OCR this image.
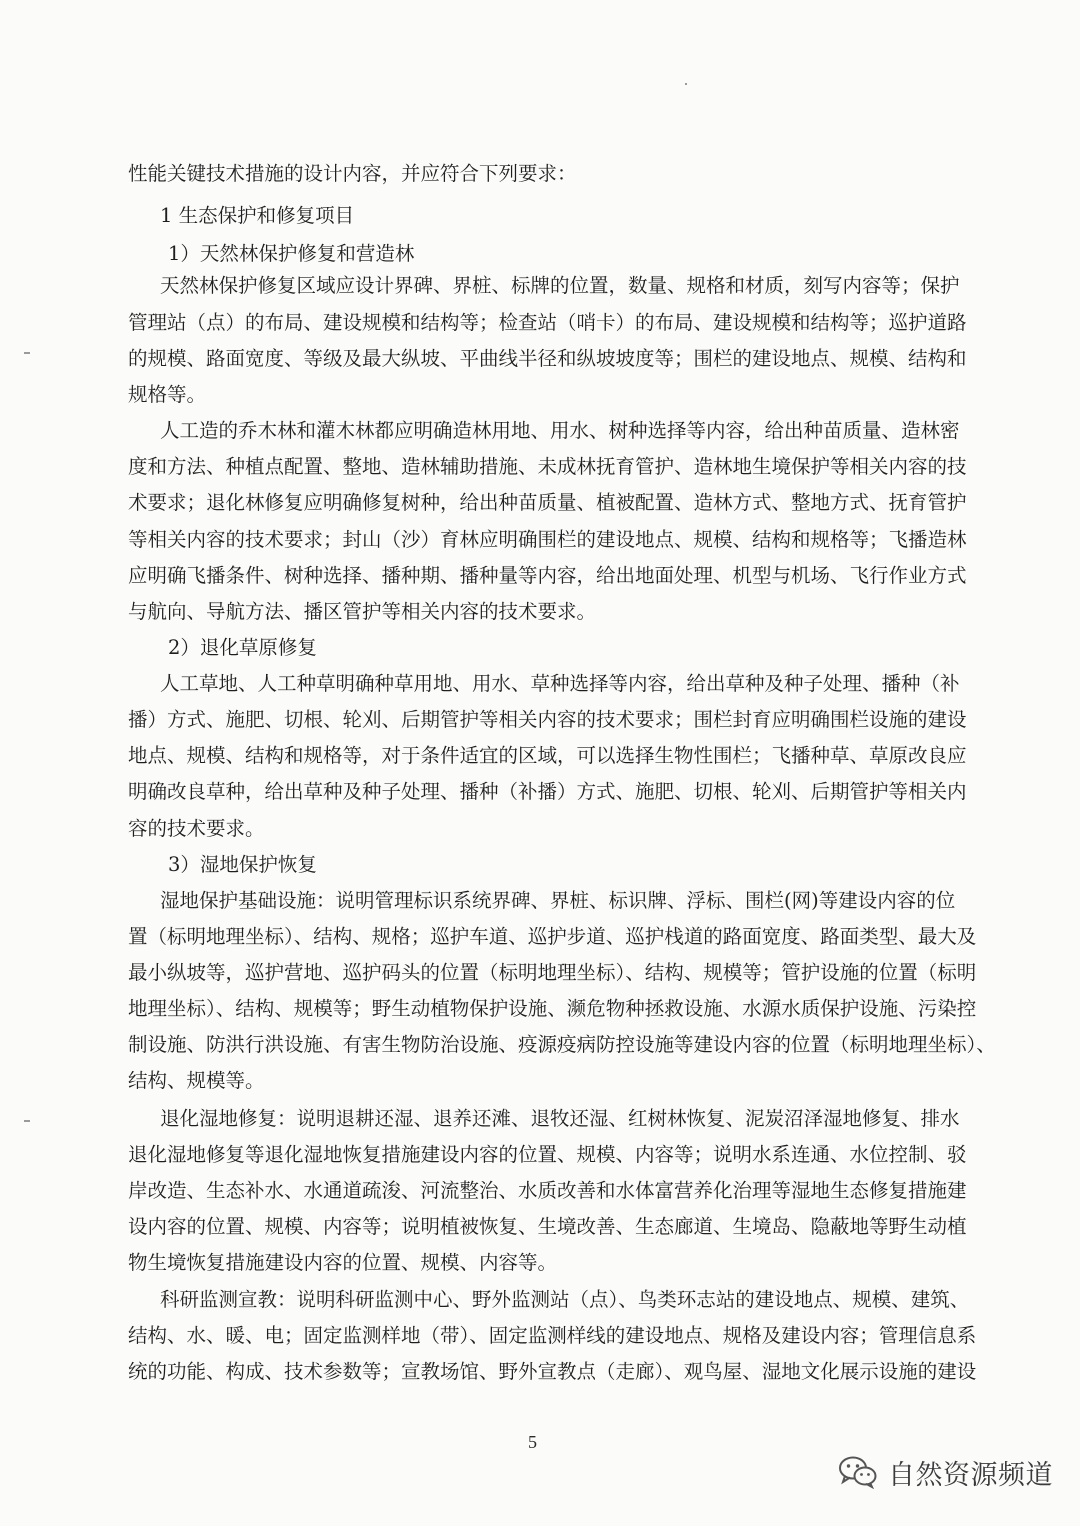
性能关键技术措施的设计内容，并应符合下列要求：
1 生态保护和修复项目
1）天然林保护修复和营造林
天然林保护修复区域应设计界碑、界桩、标牌的位置，数量、规格和材质，刻写内容等；保护
管理站（点）的布局、建设规模和结构等；检查站（哨卡）的布局、建设规模和结构等；巡护道路
的规模、路面宽度、等级及最大纵坡、平曲线半径和纵坡坡度等；围栏的建设地点、规模、结构和
规格等。
人工造的乔木林和灌木林都应明确造林用地、用水、树种选择等内容，给出种苗质量、造林密
度和方法、种植点配置、整地、造林辅助措施、未成林抚育管护、造林地生境保护等相关内容的技
术要求；退化林修复应明确修复树种，给出种苗质量、植被配置、造林方式、整地方式、抚育管护
等相关内容的技术要求；封山（沙）育林应明确围栏的建设地点、规模、结构和规格等；飞播造林
应明确飞播条件、树种选择、播种期、播种量等内容，给出地面处理、机型与机场、飞行作业方式
与航向、导航方法、播区管护等相关内容的技术要求。
2）退化草原修复
人工草地、人工种草明确种草用地、用水、草种选择等内容，给出草种及种子处理、播种（补
播）方式、施肥、切根、轮刈、后期管护等相关内容的技术要求；围栏封育应明确围栏设施的建设
地点、规模、结构和规格等，对于条件适宜的区域，可以选择生物性围栏；飞播种草、草原改良应
明确改良草种，给出草种及种子处理、播种（补播）方式、施肥、切根、轮刈、后期管护等相关内
容的技术要求。
3）湿地保护恢复
湿地保护基础设施：说明管理标识系统界碑、界桩、标识牌、浮标、围栏(网)等建设内容的位
置（标明地理坐标）、结构、规格；巡护车道、巡护步道、巡护栈道的路面宽度、路面类型、最大及
最小纵坡等，巡护营地、巡护码头的位置（标明地理坐标）、结构、规模等；管护设施的位置（标明
地理坐标）、结构、规模等；野生动植物保护设施、濒危物种拯救设施、水源水质保护设施、污染控
制设施、防洪行洪设施、有害生物防治设施、疫源疫病防控设施等建设内容的位置（标明地理坐标）、
结构、规模等。
退化湿地修复：说明退耕还湿、退养还滩、退牧还湿、红树林恢复、泥炭沼泽湿地修复、排水
退化湿地修复等退化湿地恢复措施建设内容的位置、规模、内容等；说明水系连通、水位控制、驳
岸改造、生态补水、水通道疏浚、河流整治、水质改善和水体富营养化治理等湿地生态修复措施建
设内容的位置、规模、内容等；说明植被恢复、生境改善、生态廊道、生境岛、隐蔽地等野生动植
物生境恢复措施建设内容的位置、规模、内容等。
科研监测宣教：说明科研监测中心、野外监测站（点）、鸟类环志站的建设地点、规模、建筑、
结构、水、暖、电；固定监测样地（带）、固定监测样线的建设地点、规格及建设内容；管理信息系
统的功能、构成、技术参数等；宣教场馆、野外宣教点（走廊）、观鸟屋、湿地文化展示设施的建设
5
自然资源频道
